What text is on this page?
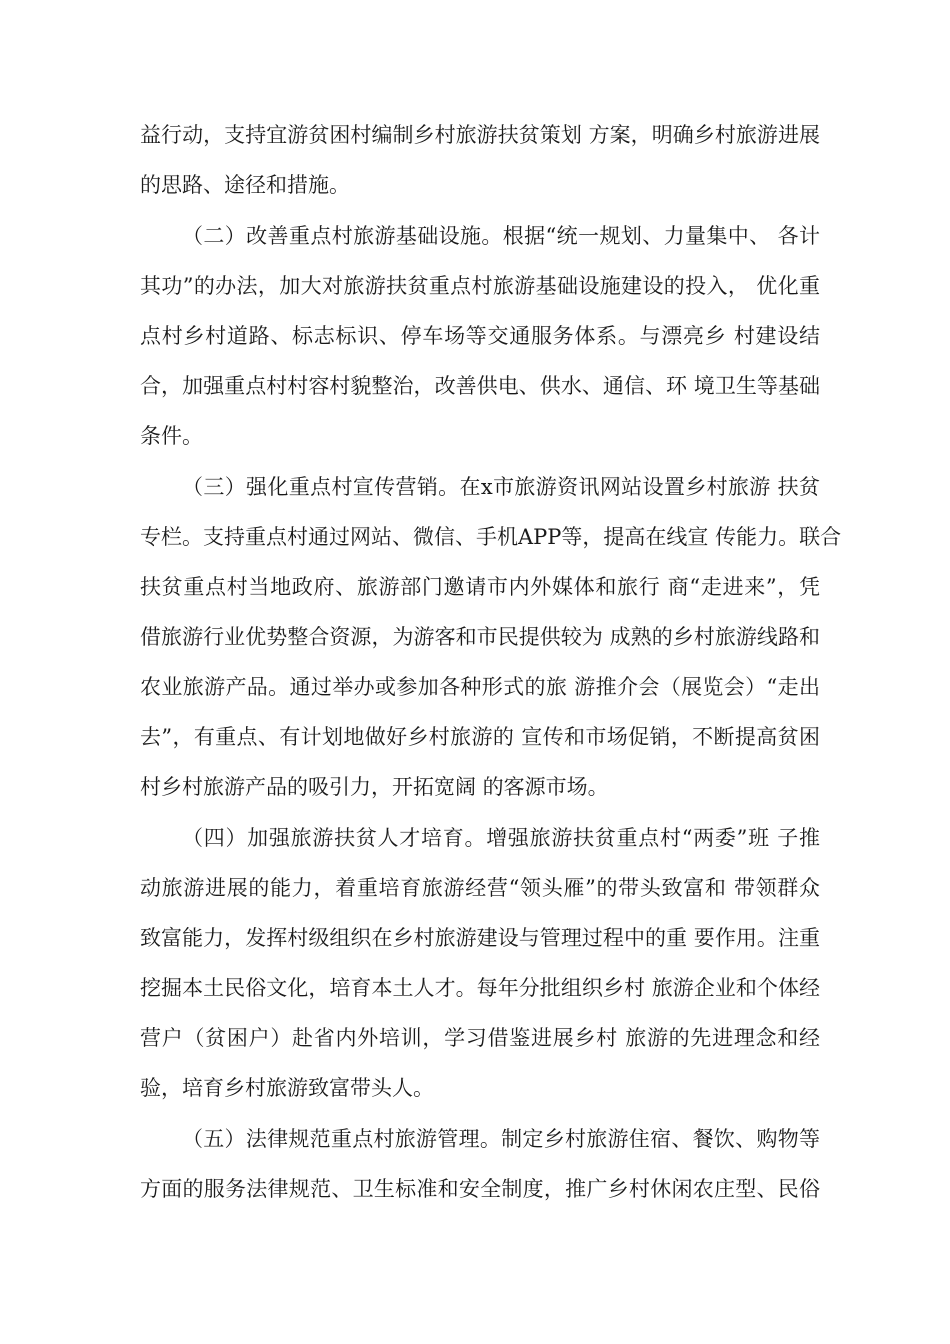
益行动，支持宜游贫困村编制乡村旅游扶贫策划 方案，明确乡村旅游进展
的思路、途径和措施。
（二）改善重点村旅游基础设施。根据“统一规划、力量集中、 各计
其功”的办法，加大对旅游扶贫重点村旅游基础设施建设的投入， 优化重
点村乡村道路、标志标识、停车场等交通服务体系。与漂亮乡 村建设结
合，加强重点村村容村貌整治，改善供电、供水、通信、环 境卫生等基础
条件。
（三）强化重点村宣传营销。在x市旅游资讯网站设置乡村旅游 扶贫
专栏。支持重点村通过网站、微信、手机APP等，提高在线宣 传能力。联合
扶贫重点村当地政府、旅游部门邀请市内外媒体和旅行 商“走进来”，凭
借旅游行业优势整合资源，为游客和市民提供较为 成熟的乡村旅游线路和
农业旅游产品。通过举办或参加各种形式的旅 游推介会（展览会）“走出
去”，有重点、有计划地做好乡村旅游的 宣传和市场促销，不断提高贫困
村乡村旅游产品的吸引力，开拓宽阔 的客源市场。
（四）加强旅游扶贫人才培育。增强旅游扶贫重点村“两委”班 子推
动旅游进展的能力，着重培育旅游经营“领头雁”的带头致富和 带领群众
致富能力，发挥村级组织在乡村旅游建设与管理过程中的重 要作用。注重
挖掘本土民俗文化，培育本土人才。每年分批组织乡村 旅游企业和个体经
营户（贫困户）赴省内外培训，学习借鉴进展乡村 旅游的先进理念和经
验，培育乡村旅游致富带头人。
（五）法律规范重点村旅游管理。制定乡村旅游住宿、餐饮、购物等
方面的服务法律规范、卫生标准和安全制度，推广乡村休闲农庄型、民俗
